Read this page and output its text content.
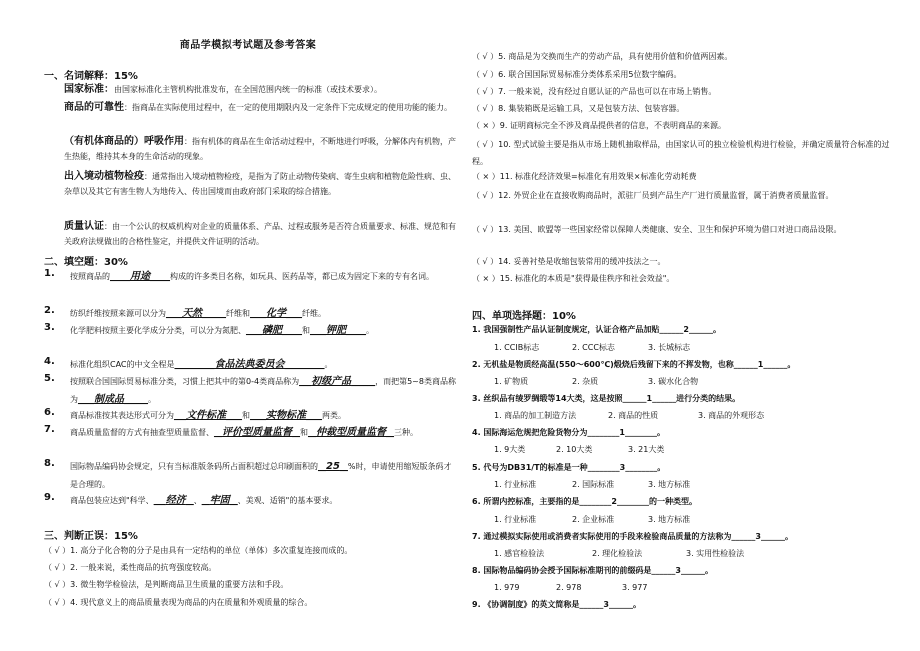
商品学模拟考试题及参考答案
一、名词解释：15%
国家标准：由国家标准化主管机构批准发布，在全国范围内统一的标准（或技术要求）。
商品的可靠性：指商品在实际使用过程中，在一定的使用期限内及一定条件下完成规定的使用功能的能力。
（有机体商品的）呼吸作用：指有机体的商品在生命活动过程中，不断地进行呼吸，分解体内有机物，产生热能，维持其本身的生命活动的现象。
出入境动植物检疫：通常指出入境动植物检疫，是指为了防止动物传染病、寄生虫病和植物危险性病、虫、杂草以及其它有害生物人为地传入、传出国境而由政府部门采取的综合措施。
质量认证：由一个公认的权威机构对企业的质量体系、产品、过程或服务是否符合质量要求、标准、规范和有关政府法规做出的合格性鉴定，并提供文件证明的活动。
二、填空题：30%
1. 按照商品的_____用途_____构成的许多类目名称，如玩具、医药品等，都已成为固定下来的专有名词。
2. 纺织纤维按照来源可以分为____天然______纤维和____化学____纤维。
3. 化学肥料按照主要化学成分分类，可以分为氮肥、____磷肥_____和____钾肥_____。
4. 标准化组织CAC的中文全程是__________食品法典委员会__________。
5. 按照联合国国际贸易标准分类，习惯上把其中的第0-4类商品称为___初级产品______，而把第5~8类商品称为____制成品______。
6. 商品标准按其表达形式可分为___文件标准____和____实物标准____两类。
7. 商品质量监督的方式有抽查型质量监督、__评价型质量监督__和__仲裁型质量监督__三种。
8. 国际物品编码协会规定，只有当标准版条码所占面积超过总印刷面积的__25__%时，申请使用缩短版条码才是合理的。
9. 商品包装应达到"科学、___经济__、__牢固__、美观、适销"的基本要求。
三、判断正误：15%
（ √ ）1. 高分子化合物的分子是由具有一定结构的单位（单体）多次重复连接而成的。
（ √ ）2. 一般来说，柔性商品的抗弯强度较高。
（ √ ）3. 微生物学检验法，是判断商品卫生质量的重要方法和手段。
（ √ ）4. 现代意义上的商品质量表现为商品的内在质量和外观质量的综合。
（ √ ）5. 商品是为交换而生产的劳动产品，具有使用价值和价值两因素。
（ √ ）6. 联合国国际贸易标准分类体系采用5位数字编码。
（ √ ）7. 一般来说，没有经过自愿认证的产品也可以在市场上销售。
（ √ ）8. 集装箱既是运输工具，又是包装方法、包装容器。
（ × ）9. 证明商标完全不涉及商品提供者的信息，不表明商品的来源。
（ √ ）10. 型式试验主要是指从市场上随机抽取样品，由国家认可的独立检验机构进行检验，并确定质量符合标准的过程。
（ × ）11. 标准化经济效果=标准化有用效果×标准化劳动耗费
（ √ ）12. 外贸企业在直接收购商品时，派驻厂员到产品生产厂进行质量监督，属于消费者质量监督。
（ √ ）13. 美国、欧盟等一些国家经常以保障人类健康、安全、卫生和保护环境为借口对进口商品设限。
（ √ ）14. 妥善衬垫是收缩包装常用的缓冲技法之一。
（ × ）15. 标准化的本质是"获得最佳秩序和社会效益"。
四、单项选择题：10%
1. 我国强制性产品认证制度规定，认证合格产品加贴______2______。
1. CCIB标志	2. CCC标志	3. 长城标志
2. 无机盐是物质经高温(550～600℃)煅烧后残留下来的不挥发物，也称______1______。
1. 矿物质	2. 杂质	3. 碳水化合物
3. 丝织品有绫罗绸缎等14大类，这是按照______1______进行分类的结果。
1. 商品的加工制造方法	2. 商品的性质	3. 商品的外观形态
4. 国际海运危规把危险货物分为________1________。
1. 9大类	2. 10大类	3. 21大类
5. 代号为DB31/T的标准是一种________3________。
1. 行业标准	2. 国际标准	3. 地方标准
6. 所谓内控标准，主要指的是________2________的一种类型。
1. 行业标准	2. 企业标准	3. 地方标准
7. 通过模拟实际使用或消费者实际使用的手段来检验商品质量的方法称为______3______。
1. 感官检验法	2. 理化检验法	3. 实用性检验法
8. 国际物品编码协会授予国际标准期刊的前缀码是______3______。
1. 979	2. 978	3. 977
9. 《协调制度》的英文简称是______3______。
